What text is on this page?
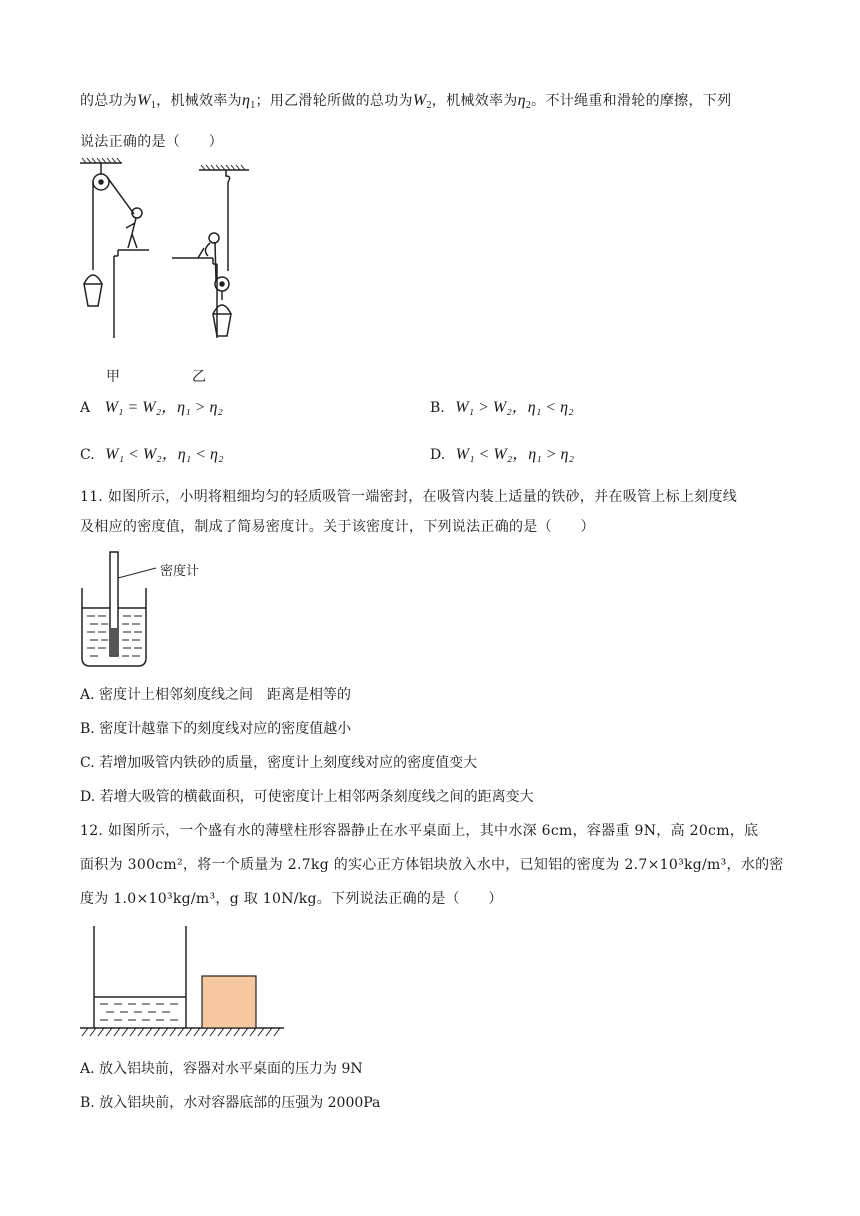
的总功为$W_1$，机械效率为$\eta_1$；用乙滑轮所做的总功为$W_2$，机械效率为$\eta_2$。不计绳重和滑轮的摩擦，下列
说法正确的是（　　）
甲	乙
A W₁ = W₂，η₁ > η₂	B. W₁ > W₂，η₁ < η₂
C. W₁ < W₂，η₁ < η₂	D. W₁ < W₂，η₁ > η₂
11. 如图所示，小明将粗细均匀的轻质吸管一端密封，在吸管内装上适量的铁砂，并在吸管上标上刻度线
及相应的密度值，制成了简易密度计。关于该密度计，下列说法正确的是（　　）
密度计
A. 密度计上相邻刻度线之间　距离是相等的
B. 密度计越靠下的刻度线对应的密度值越小
C. 若增加吸管内铁砂的质量，密度计上刻度线对应的密度值变大
D. 若增大吸管的横截面积，可使密度计上相邻两条刻度线之间的距离变大
12. 如图所示，一个盛有水的薄壁柱形容器静止在水平桌面上，其中水深 6cm，容器重 9N，高 20cm，底
面积为 300cm²，将一个质量为 2.7kg 的实心正方体铝块放入水中，已知铝的密度为 2.7×10³kg/m³，水的密
度为 1.0×10³kg/m³，g 取 10N/kg。下列说法正确的是（　　）
A. 放入铝块前，容器对水平桌面的压力为 9N
B. 放入铝块前，水对容器底部的压强为 2000Pa
